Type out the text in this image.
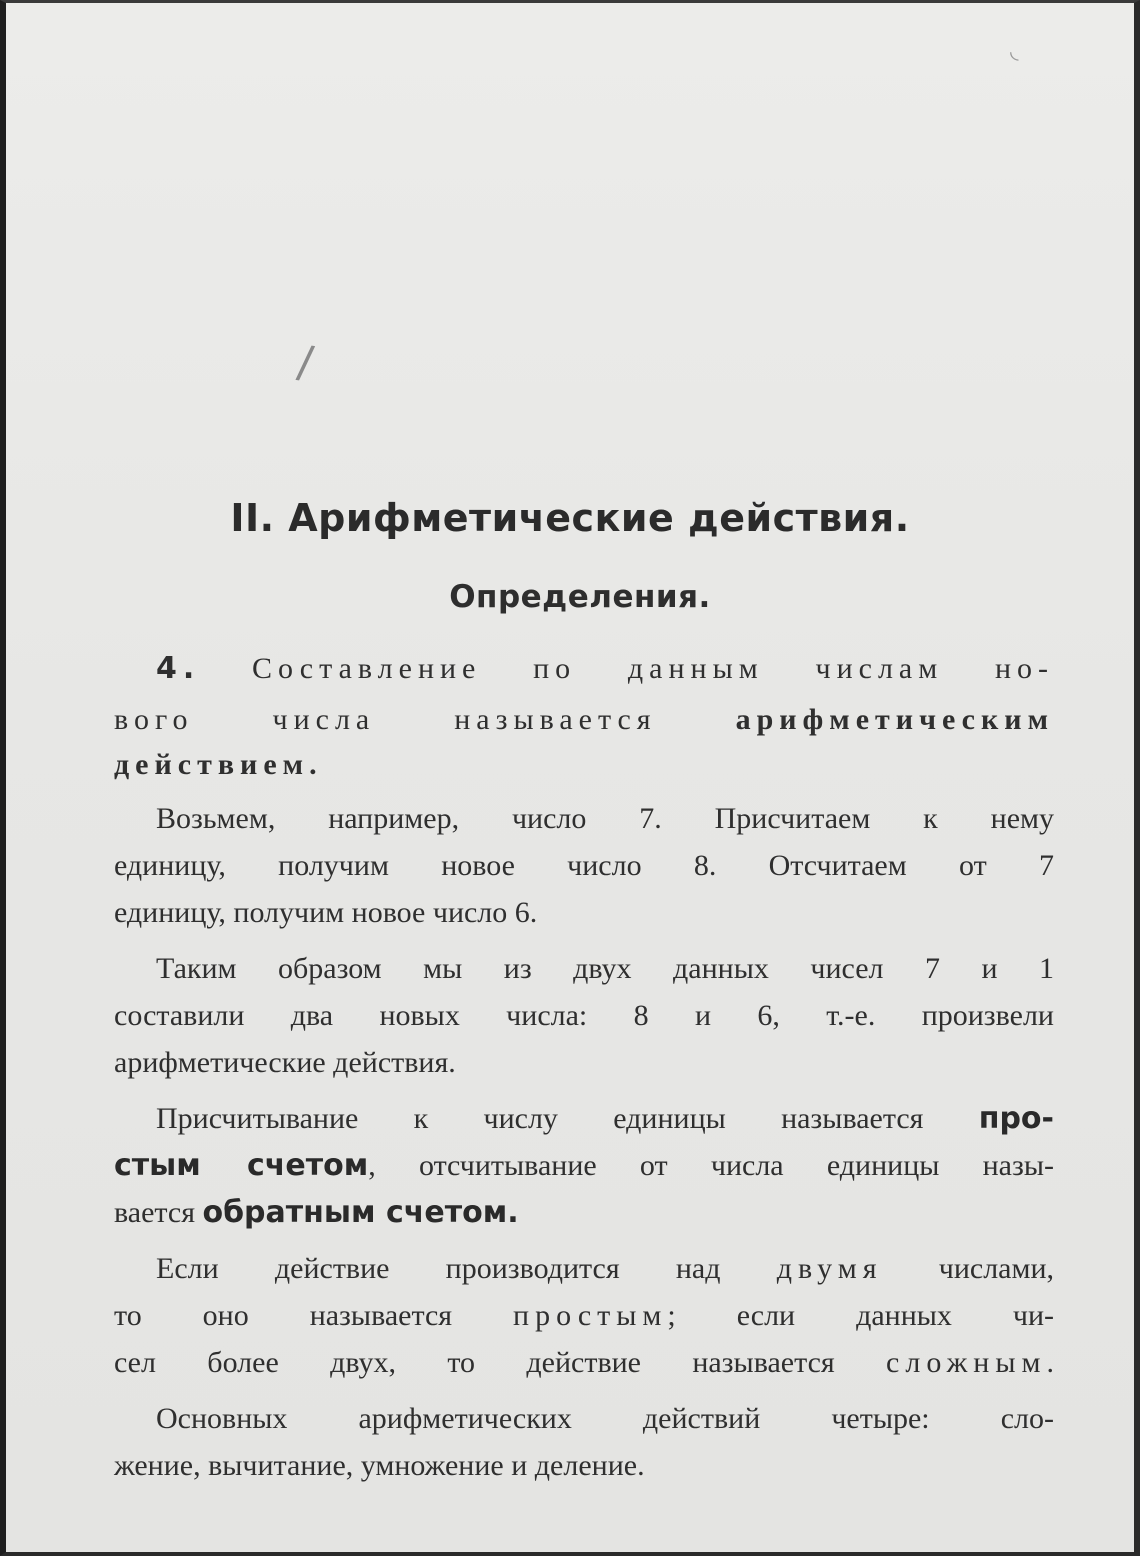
◟
/
II. Арифметические действия.
Определения.
4. Составление по данным числам но-
вого числа называется	арифметическим
действием.
Возьмем, например, число 7. Присчитаем к нему
единицу, получим новое число 8. Отсчитаем от 7
единицу, получим новое число 6.
Таким образом мы из двух данных чисел 7 и 1
составили два новых числа: 8 и 6, т.-е. произвели
арифметические действия.
Присчитывание к числу единицы называется про-
стым счетом, отсчитывание от числа единицы назы-
вается обратным счетом.
Если действие производится над двумя числами,
то оно называется простым; если данных чи-
сел более двух, то действие называется сложным.
Основных арифметических действий четыре: сло-
жение, вычитание, умножение и деление.
